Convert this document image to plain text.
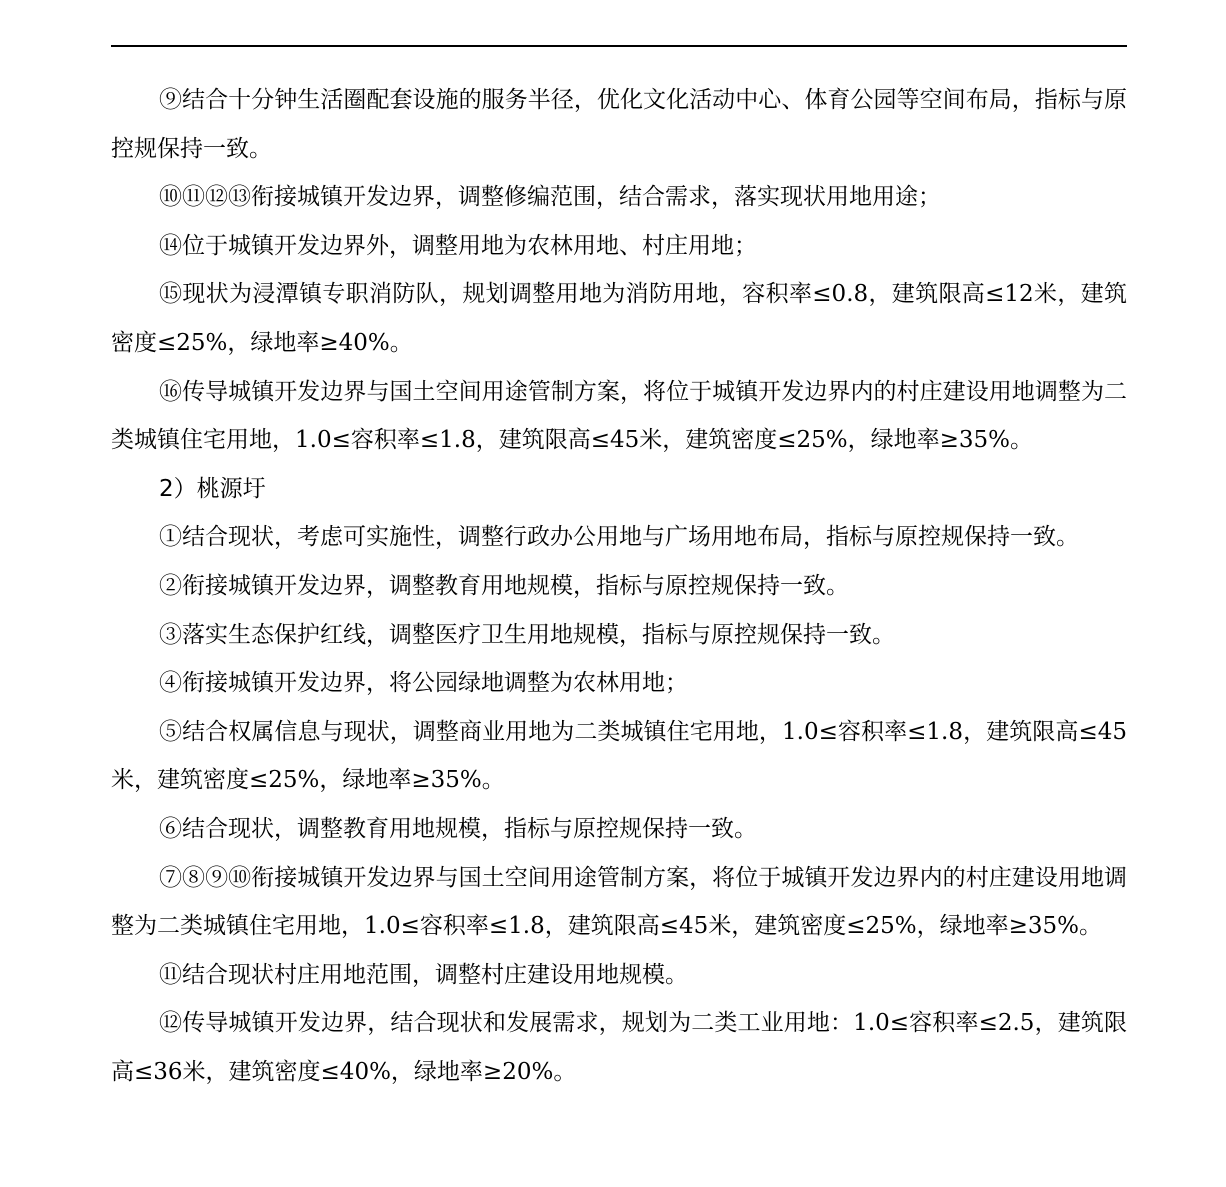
⑨结合十分钟生活圈配套设施的服务半径，优化文化活动中心、体育公园等空间布局，指标与原控规保持一致。

⑩⑪⑫⑬衔接城镇开发边界，调整修编范围，结合需求，落实现状用地用途；

⑭位于城镇开发边界外，调整用地为农林用地、村庄用地；

⑮现状为浸潭镇专职消防队，规划调整用地为消防用地，容积率≤0.8，建筑限高≤12米，建筑密度≤25%，绿地率≥40%。

⑯传导城镇开发边界与国土空间用途管制方案，将位于城镇开发边界内的村庄建设用地调整为二类城镇住宅用地，1.0≤容积率≤1.8，建筑限高≤45米，建筑密度≤25%，绿地率≥35%。

2）桃源圩

①结合现状，考虑可实施性，调整行政办公用地与广场用地布局，指标与原控规保持一致。

②衔接城镇开发边界，调整教育用地规模，指标与原控规保持一致。

③落实生态保护红线，调整医疗卫生用地规模，指标与原控规保持一致。

④衔接城镇开发边界，将公园绿地调整为农林用地；

⑤结合权属信息与现状，调整商业用地为二类城镇住宅用地，1.0≤容积率≤1.8，建筑限高≤45米，建筑密度≤25%，绿地率≥35%。

⑥结合现状，调整教育用地规模，指标与原控规保持一致。

⑦⑧⑨⑩衔接城镇开发边界与国土空间用途管制方案，将位于城镇开发边界内的村庄建设用地调整为二类城镇住宅用地，1.0≤容积率≤1.8，建筑限高≤45米，建筑密度≤25%，绿地率≥35%。

⑪结合现状村庄用地范围，调整村庄建设用地规模。

⑫传导城镇开发边界，结合现状和发展需求，规划为二类工业用地：1.0≤容积率≤2.5，建筑限高≤36米，建筑密度≤40%，绿地率≥20%。
